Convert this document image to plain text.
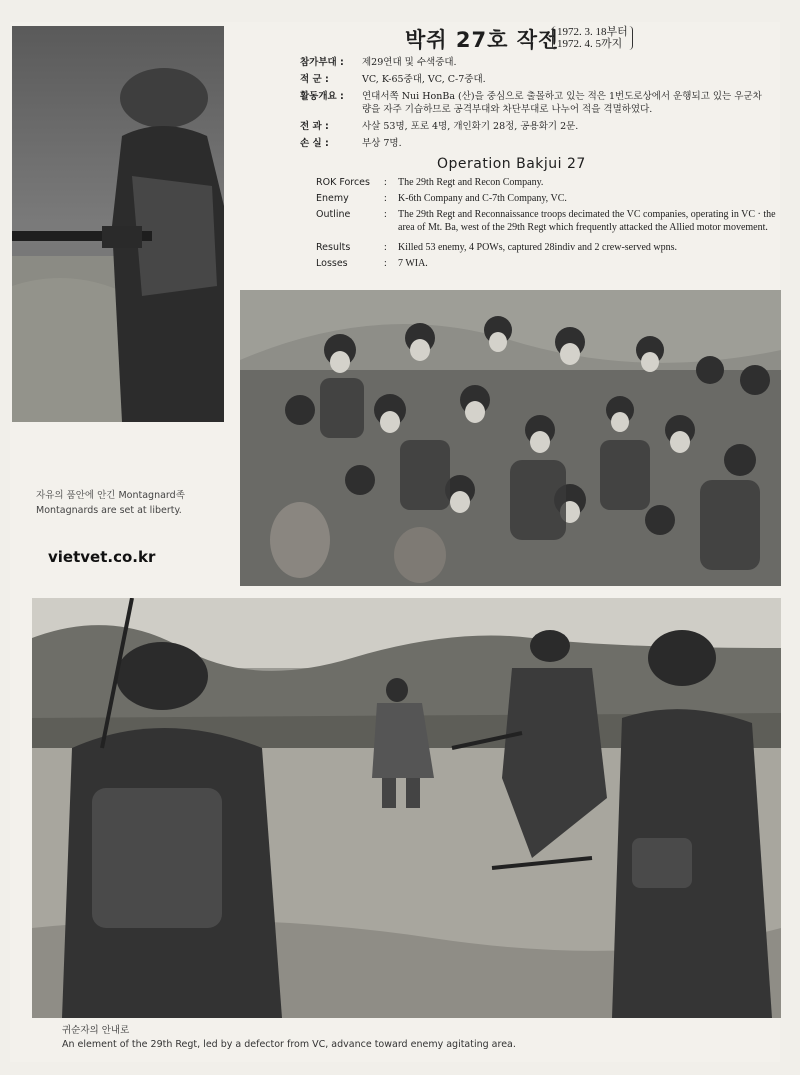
박쥐 27호 작전
1972. 3. 18부터
1972. 4. 5까지
참가부대 :	제29연대 및 수색중대.
적 군 :	VC, K-65중대, VC, C-7중대.
활동개요 :	연대서쪽 Nui HonBa (산)을 중심으로 출몰하고 있는 적은 1번도로상에서 운행되고 있는 우군차량을 자주 기습하므로 공격부대와 차단부대로 나누어 적을 격멸하였다.
전 과 :	사살 53명, 포로 4명, 개인화기 28정, 공용화기 2문.
손 실 :	부상 7명.
Operation Bakjui 27
ROK Forces	:	The 29th Regt and Recon Company.
Enemy	:	K-6th Company and C-7th Company, VC.
Outline	:	The 29th Regt and Reconnaissance troops decimated the VC companies, operating in VC · the area of Mt. Ba, west of the 29th Regt which frequently attacked the Allied motor movement.
Results	:	Killed 53 enemy, 4 POWs, captured 28indiv and 2 crew-served wpns.
Losses	:	7 WIA.
자유의 품안에 안긴 Montagnard족
Montagnards are set at liberty.
vietvet.co.kr
귀순자의 안내로
An element of the 29th Regt, led by a defector from VC, advance toward enemy agitating area.
